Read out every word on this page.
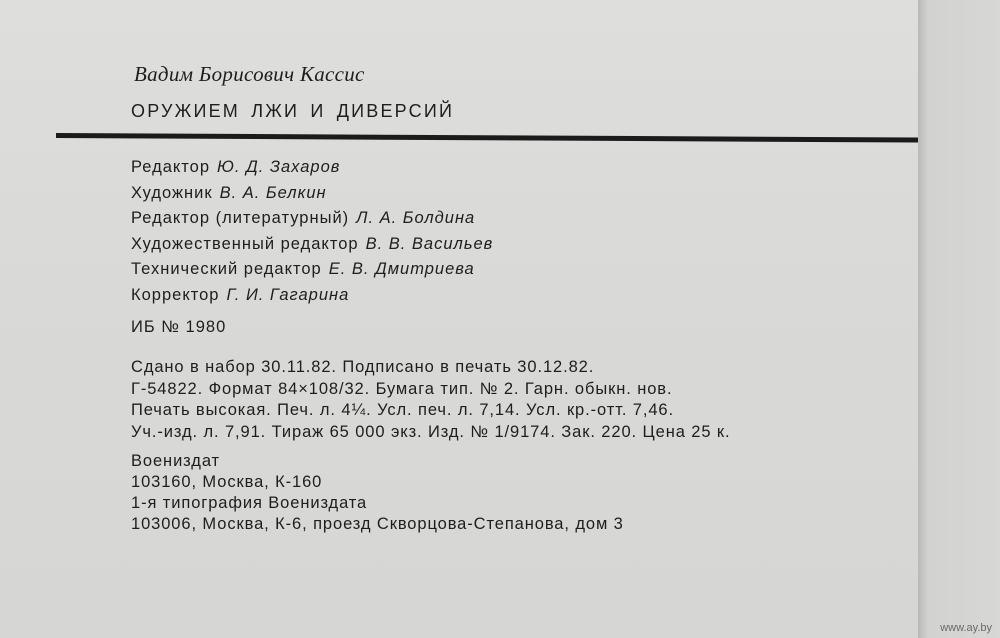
Вадим Борисович Кассис
ОРУЖИЕМ ЛЖИ И ДИВЕРСИЙ
Редактор Ю. Д. Захаров
Художник В. А. Белкин
Редактор (литературный) Л. А. Болдина
Художественный редактор В. В. Васильев
Технический редактор Е. В. Дмитриева
Корректор Г. И. Гагарина
ИБ № 1980
Сдано в набор 30.11.82. Подписано в печать 30.12.82.
Г-54822. Формат 84×108/32. Бумага тип. № 2. Гарн. обыкн. нов.
Печать высокая. Печ. л. 4¼. Усл. печ. л. 7,14. Усл. кр.-отт. 7,46.
Уч.-изд. л. 7,91. Тираж 65 000 экз. Изд. № 1/9174. Зак. 220. Цена 25 к.
Воениздат
103160, Москва, К-160
1-я типография Воениздата
103006, Москва, К-6, проезд Скворцова-Степанова, дом 3
www.ay.by
